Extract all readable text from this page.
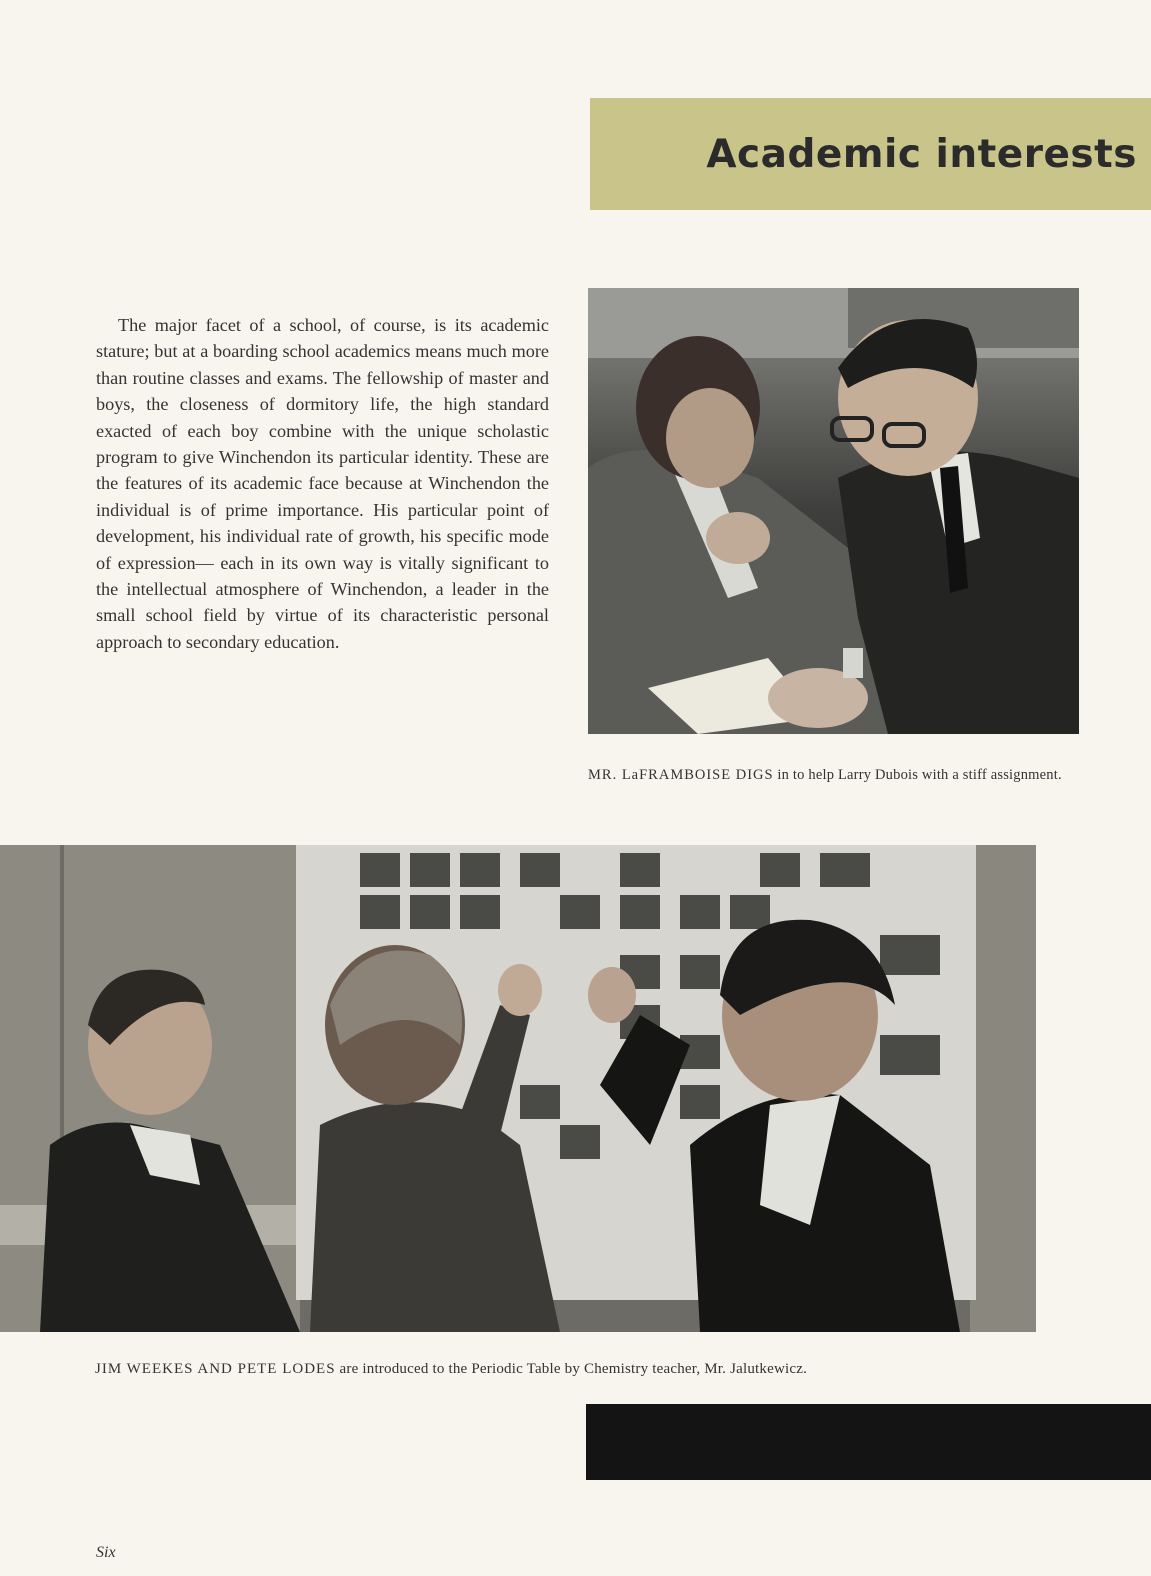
Academic interests

The major facet of a school, of course, is its academic stature; but at a boarding school academics means much more than routine classes and exams. The fellowship of master and boys, the closeness of dormitory life, the high standard exacted of each boy combine with the unique scholastic program to give Winchendon its particular identity. These are the features of its academic face because at Winchendon the individual is of prime importance. His particular point of development, his individual rate of growth, his specific mode of expression— each in its own way is vitally significant to the intellectual atmosphere of Winchendon, a leader in the small school field by virtue of its characteristic personal approach to secondary education.

MR. LaFRAMBOISE DIGS in to help Larry Dubois with a stiff assignment.

JIM WEEKES AND PETE LODES are introduced to the Periodic Table by Chemistry teacher, Mr. Jalutkewicz.

Six
